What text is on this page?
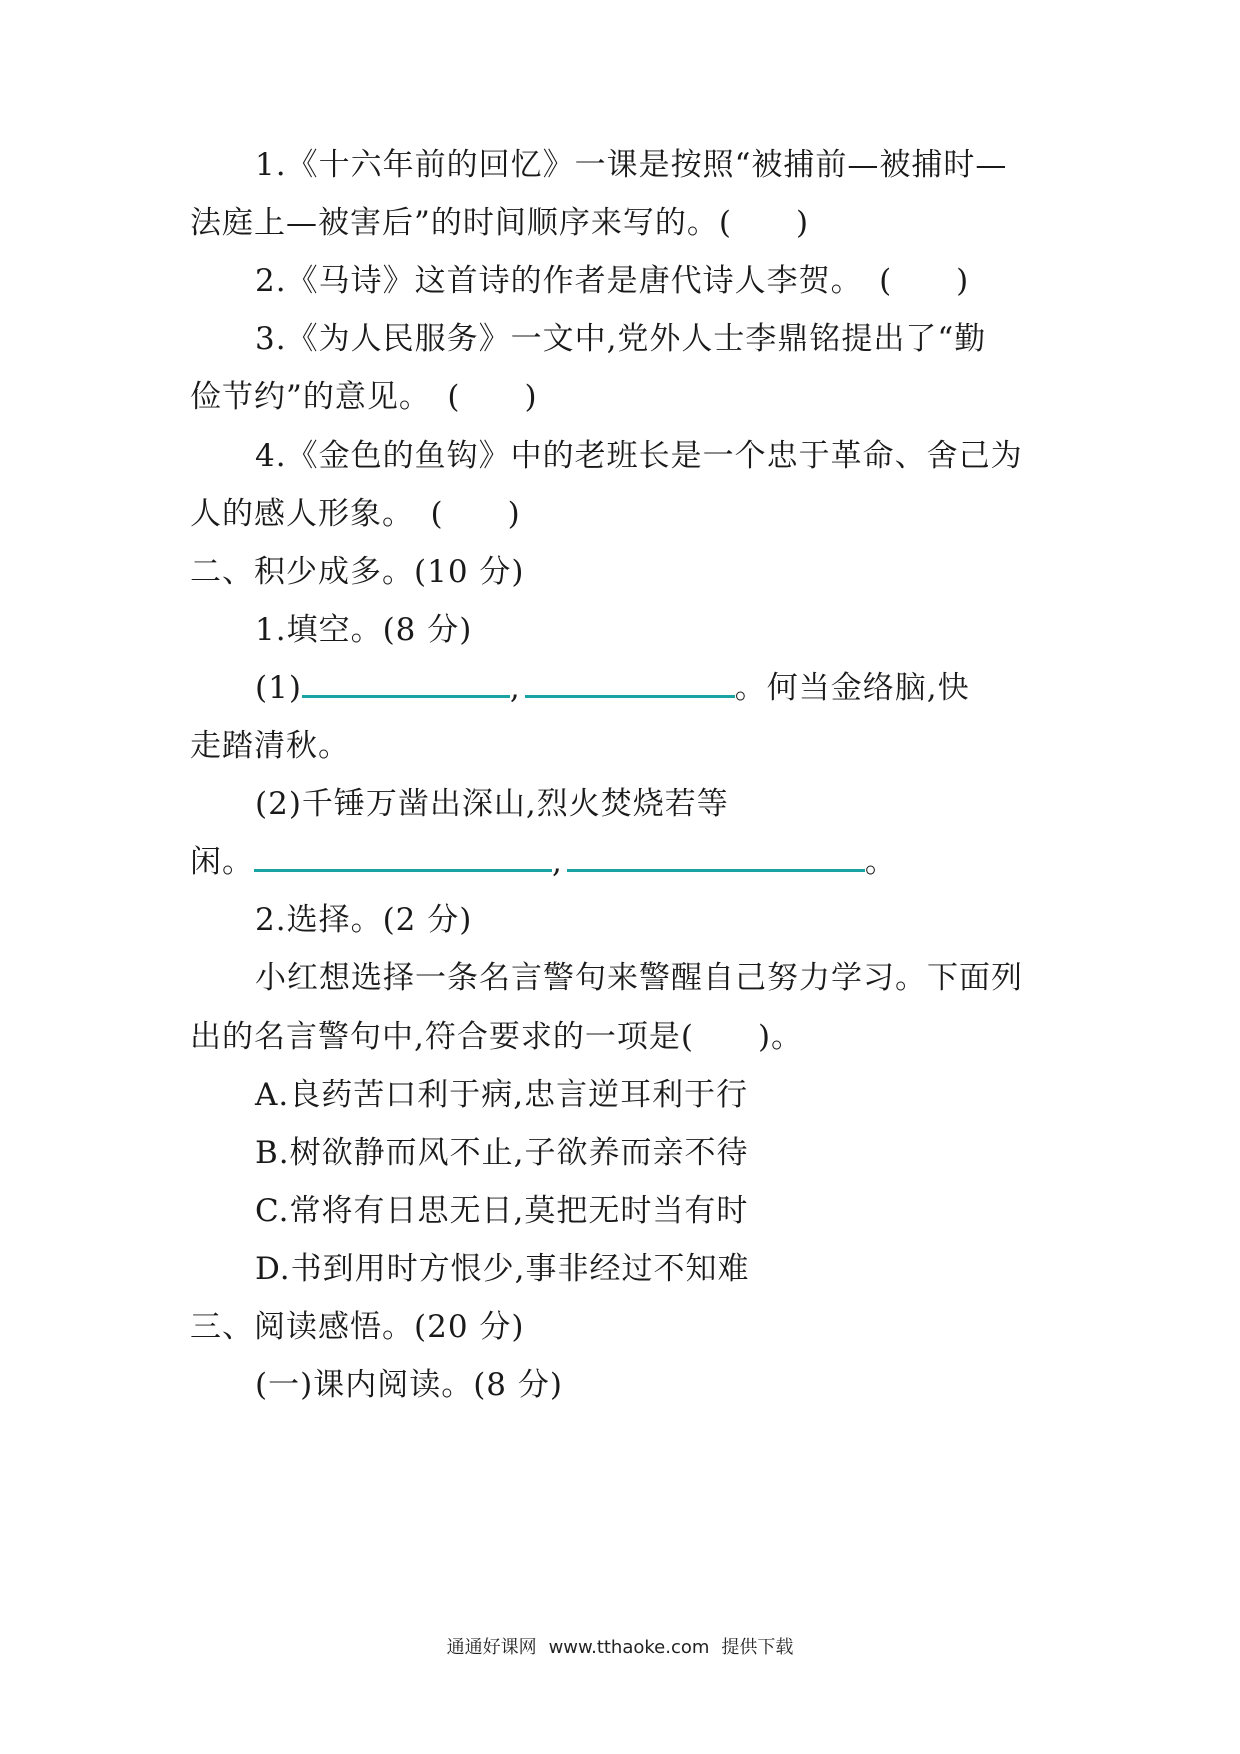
1.《十六年前的回忆》一课是按照“被捕前—被捕时—
法庭上—被害后”的时间顺序来写的。(　　)
2.《马诗》这首诗的作者是唐代诗人李贺。　(　　)
3.《为人民服务》一文中,党外人士李鼎铭提出了“勤
俭节约”的意见。　(　　)
4.《金色的鱼钩》中的老班长是一个忠于革命、舍己为
人的感人形象。　(　　)
二、积少成多。(10 分)
1.填空。(8 分)
(1)	,	。何当金络脑,快
走踏清秋。
(2)千锤万凿出深山,烈火焚烧若等
闲。	,	。
2.选择。(2 分)
小红想选择一条名言警句来警醒自己努力学习。下面列
出的名言警句中,符合要求的一项是(　　)。
A.良药苦口利于病,忠言逆耳利于行
B.树欲静而风不止,子欲养而亲不待
C.常将有日思无日,莫把无时当有时
D.书到用时方恨少,事非经过不知难
三、阅读感悟。(20 分)
(一)课内阅读。(8 分)
通通好课网 www.tthaoke.com 提供下载
